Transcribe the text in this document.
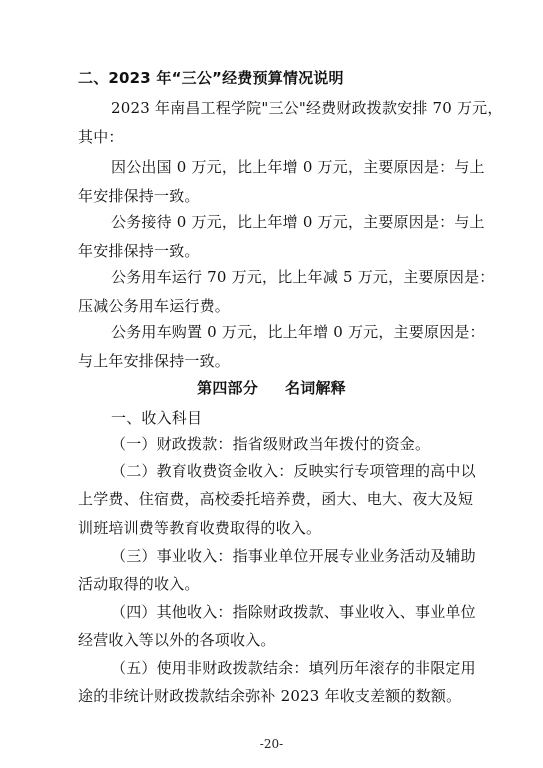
二、2023 年“三公”经费预算情况说明
2023 年南昌工程学院"三公"经费财政拨款安排 70 万元，
其中：
因公出国 0 万元，比上年增 0 万元，主要原因是：与上
年安排保持一致。
公务接待 0 万元，比上年增 0 万元，主要原因是：与上
年安排保持一致。
公务用车运行 70 万元，比上年减 5 万元，主要原因是：
压减公务用车运行费。
公务用车购置 0 万元，比上年增 0 万元，主要原因是：
与上年安排保持一致。
第四部分     名词解释
一、收入科目
（一）财政拨款：指省级财政当年拨付的资金。
（二）教育收费资金收入：反映实行专项管理的高中以
上学费、住宿费，高校委托培养费，函大、电大、夜大及短
训班培训费等教育收费取得的收入。
（三）事业收入：指事业单位开展专业业务活动及辅助
活动取得的收入。
（四）其他收入：指除财政拨款、事业收入、事业单位
经营收入等以外的各项收入。
（五）使用非财政拨款结余：填列历年滚存的非限定用
途的非统计财政拨款结余弥补 2023 年收支差额的数额。
-20-
